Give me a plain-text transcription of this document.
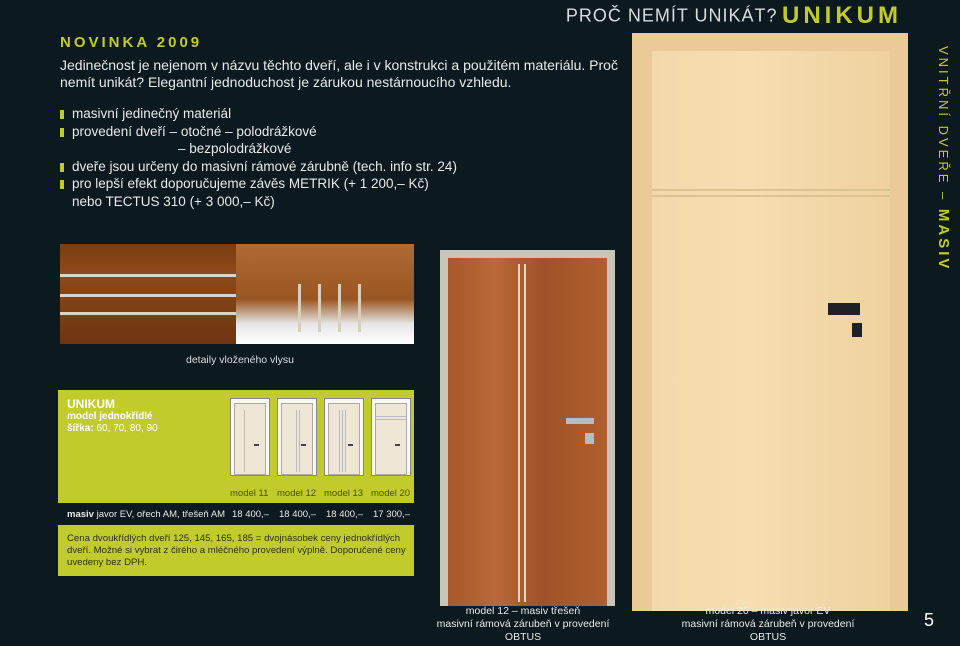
PROČ NEMÍT UNIKÁT? UNIKUM
NOVINKA 2009
Jedinečnost je nejenom v názvu těchto dveří, ale i v konstrukci a použitém materiálu. Proč nemít unikát? Elegantní jednoduchost je zárukou nestárnoucího vzhledu.
masivní jedinečný materiál
provedení dveří – otočné – polodrážkové
– bezpolodrážkové
dveře jsou určeny do masivní rámové zárubně (tech. info str. 24)
pro lepší efekt doporučujeme závěs METRIK (+ 1 200,– Kč)
nebo TECTUS 310 (+ 3 000,– Kč)
detaily vloženého vlysu
UNIKUM
model jednokřídlé
šířka: 60, 70, 80, 90
model 11 model 12 model 13 model 20
masiv javor EV, ořech AM, třešeň AM 18 400,– 18 400,– 18 400,– 17 300,–
Cena dvoukřídlých dveří 125, 145, 165, 185 = dvojnásobek ceny jednokřídlých dveří. Možné si vybrat z čirého a mléčného provedení výplně. Doporučené ceny uvedeny bez DPH.
model 12 – masiv třešeň
masivní rámová zárubeň v provedení OBTUS
model 20 – masiv javor EV
masivní rámová zárubeň v provedení OBTUS
VNITŘNÍ DVEŘE – MASIV
5
